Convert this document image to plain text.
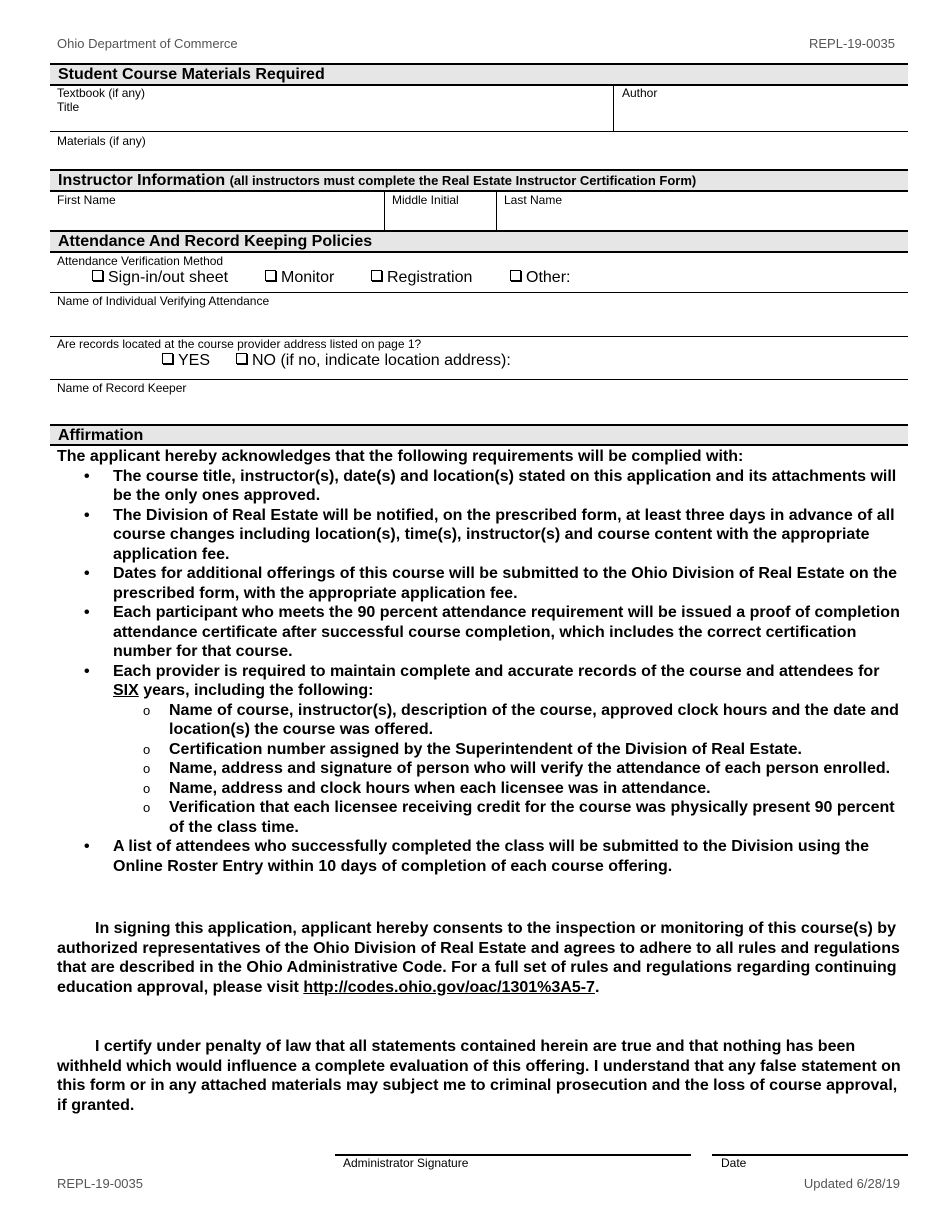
Ohio Department of Commerce	REPL-19-0035
Student Course Materials Required
Textbook (if any)
Title
Author
Materials (if any)
Instructor Information (all instructors must complete the Real Estate Instructor Certification Form)
First Name	Middle Initial	Last Name
Attendance And Record Keeping Policies
Attendance Verification Method
Sign-in/out sheet	Monitor	Registration	Other:
Name of Individual Verifying Attendance
Are records located at the course provider address listed on page 1?
YES	NO (if no, indicate location address):
Name of Record Keeper
Affirmation
The applicant hereby acknowledges that the following requirements will be complied with:
• The course title, instructor(s), date(s) and location(s) stated on this application and its attachments will be the only ones approved.
• The Division of Real Estate will be notified, on the prescribed form, at least three days in advance of all course changes including location(s), time(s), instructor(s) and course content with the appropriate application fee.
• Dates for additional offerings of this course will be submitted to the Ohio Division of Real Estate on the prescribed form, with the appropriate application fee.
• Each participant who meets the 90 percent attendance requirement will be issued a proof of completion attendance certificate after successful course completion, which includes the correct certification number for that course.
• Each provider is required to maintain complete and accurate records of the course and attendees for SIX years, including the following:
o Name of course, instructor(s), description of the course, approved clock hours and the date and location(s) the course was offered.
o Certification number assigned by the Superintendent of the Division of Real Estate.
o Name, address and signature of person who will verify the attendance of each person enrolled.
o Name, address and clock hours when each licensee was in attendance.
o Verification that each licensee receiving credit for the course was physically present 90 percent of the class time.
• A list of attendees who successfully completed the class will be submitted to the Division using the Online Roster Entry within 10 days of completion of each course offering.
In signing this application, applicant hereby consents to the inspection or monitoring of this course(s) by authorized representatives of the Ohio Division of Real Estate and agrees to adhere to all rules and regulations that are described in the Ohio Administrative Code. For a full set of rules and regulations regarding continuing education approval, please visit http://codes.ohio.gov/oac/1301%3A5-7.
I certify under penalty of law that all statements contained herein are true and that nothing has been withheld which would influence a complete evaluation of this offering. I understand that any false statement on this form or in any attached materials may subject me to criminal prosecution and the loss of course approval, if granted.
Administrator Signature	Date
REPL-19-0035	Updated 6/28/19
